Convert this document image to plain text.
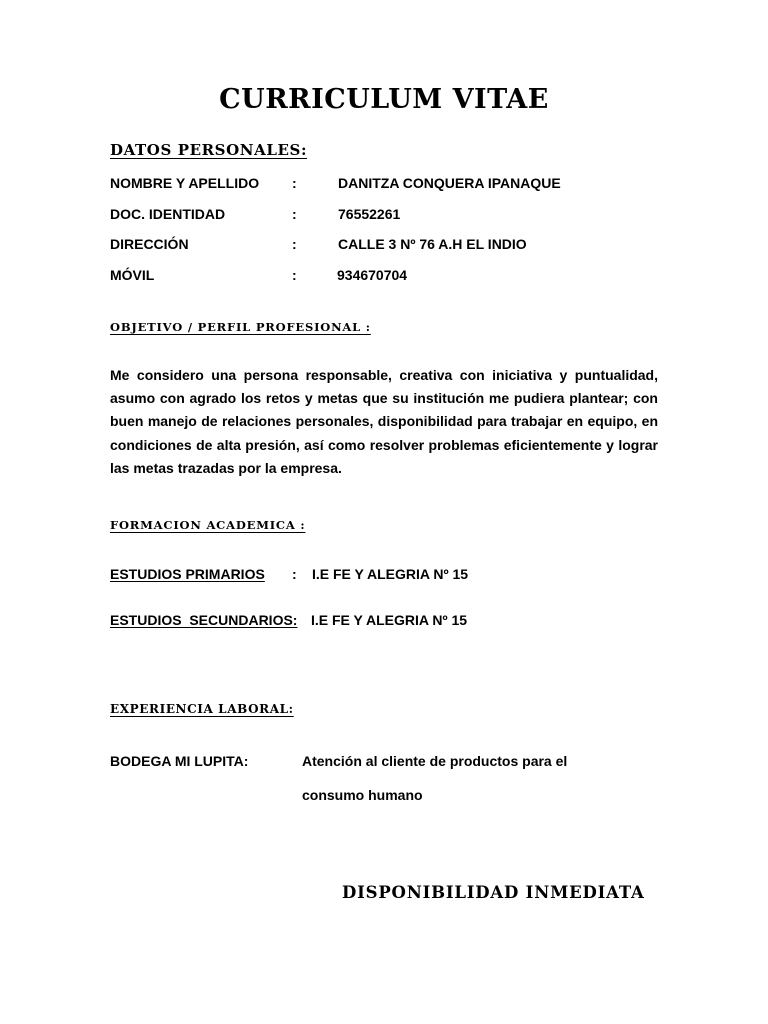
CURRICULUM VITAE
DATOS PERSONALES:
NOMBRE Y APELLIDO :	DANITZA CONQUERA IPANAQUE
DOC. IDENTIDAD	:	76552261
DIRECCIÓN	:	CALLE 3 Nº 76 A.H EL INDIO
MÓVIL	:	934670704
OBJETIVO / PERFIL PROFESIONAL :
Me considero una persona responsable, creativa con iniciativa y puntualidad, asumo con agrado los retos y metas que su institución me pudiera plantear; con buen manejo de relaciones personales, disponibilidad para trabajar en equipo, en condiciones de alta presión, así como resolver problemas eficientemente y lograr las metas trazadas por la empresa.
FORMACION ACADEMICA :
ESTUDIOS PRIMARIOS : I.E FE Y ALEGRIA Nº 15
ESTUDIOS  SECUNDARIOS: I.E FE Y ALEGRIA Nº 15
EXPERIENCIA LABORAL:
BODEGA MI LUPITA:	Atención al cliente de productos para el consumo humano
DISPONIBILIDAD INMEDIATA
